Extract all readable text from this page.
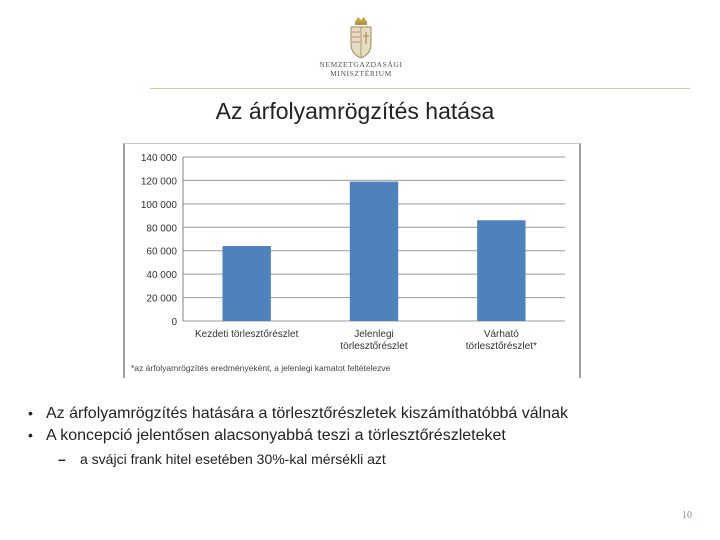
NEMZETGAZDASÁGI
MINISZTÉRIUM
Az árfolyamrögzítés hatása
0
20 000
40 000
60 000
80 000
100 000
120 000
140 000
Kezdeti törlesztőrészlet	Jelenlegi
törlesztőrészlet
Várható
törlesztőrészlet*
*az árfolyamrögzítés eredményeként, a jelenlegi kamatot feltételezve
• Az árfolyamrögzítés hatására a törlesztőrészletek kiszámíthatóbbá válnak
• A koncepció jelentősen alacsonyabbá teszi a törlesztőrészleteket
–	a svájci frank hitel esetében 30%-kal mérsékli azt
10
